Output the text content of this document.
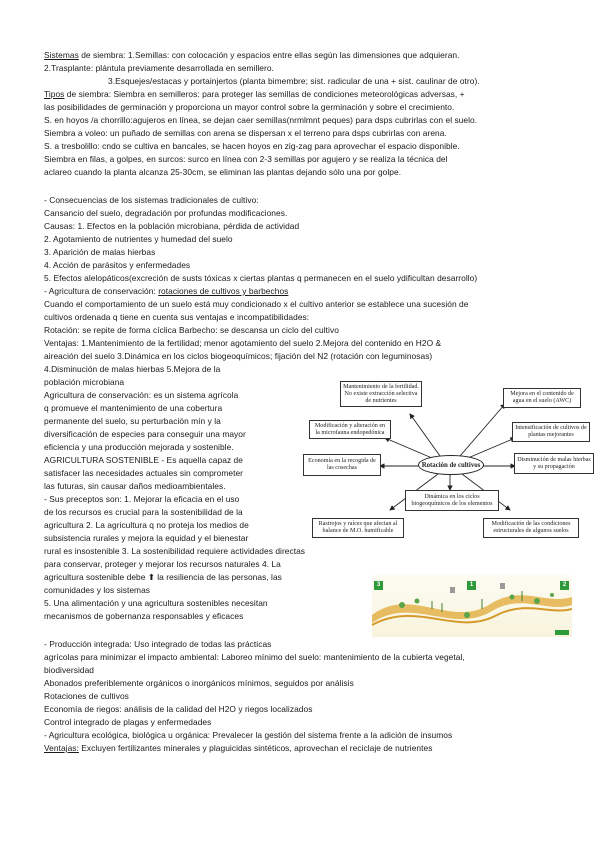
Sistemas de siembra: 1.Semillas: con colocación y espacios entre ellas según las dimensiones que adquieran.
2.Trasplante: plántula previamente desarrollada en semillero.
3.Esquejes/estacas y portainjertos (planta bimembre; sist. radicular de una + sist. caulinar de otro).
Tipos de siembra: Siembra en semilleros: para proteger las semillas de condiciones meteorológicas adversas, +
las posibilidades de germinación y proporciona un mayor control sobre la germinación y sobre el crecimiento.
S. en hoyos /a chorrillo:agujeros en línea, se dejan caer semillas(nrmlmnt peques) para dsps cubrirlas con el suelo.
Siembra a voleo: un puñado de semillas con arena se dispersan x el terreno para dsps cubrirlas con arena.
S. a tresbolillo: cndo se cultiva en bancales, se hacen hoyos en zig-zag para aprovechar el espacio disponible.
Siembra en filas, a golpes, en surcos: surco en línea con 2-3 semillas por agujero y se realiza la técnica del
aclareo cuando la planta alcanza 25-30cm, se eliminan las plantas dejando sólo una por golpe.
- Consecuencias de los sistemas tradicionales de cultivo:
Cansancio del suelo, degradación por profundas modificaciones.
Causas: 1. Efectos en la población microbiana, pérdida de actividad
2. Agotamiento de nutrientes y humedad del suelo
3. Aparición de malas hierbas
4. Acción de parásitos y enfermedades
5. Efectos alelopáticos(excreción de susts tóxicas x ciertas plantas q permanecen en el suelo ydificultan desarrollo)
- Agricultura de conservación: rotaciones de cultivos y barbechos
Cuando el comportamiento de un suelo está muy condicionado x el cultivo anterior se establece una sucesión de
cultivos ordenada q tiene en cuenta sus ventajas e incompatibilidades:
Rotación: se repite de forma cíclica Barbecho: se descansa un ciclo del cultivo
Ventajas: 1.Mantenimiento de la fertilidad; menor agotamiento del suelo 2.Mejora del contenido en H2O &
aireación del suelo 3.Dinámica en los ciclos biogeoquímicos; fijación del N2 (rotación con leguminosas)
4.Disminución de malas hierbas 5.Mejora de la
población microbiana
Agricultura de conservación: es un sistema agrícola
q promueve el mantenimiento de una cobertura
permanente del suelo, su perturbación mín y la
diversificación de especies para conseguir una mayor
eficiencia y una producción mejorada y sostenible.
AGRICULTURA SOSTENIBLE - Es aquella capaz de
satisfacer las necesidades actuales sin comprometer
las futuras, sin causar daños medioambientales.
- Sus preceptos son: 1. Mejorar la eficacia en el uso
de los recursos es crucial para la sostenibilidad de la
agricultura 2. La agricultura q no proteja los medios de
subsistencia rurales y mejora la equidad y el bienestar
rural es insostenible 3. La sostenibilidad requiere actividades directas
para conservar, proteger y mejorar los recursos naturales 4. La
agricultura sostenible debe ⬆ la resiliencia de las personas, las
comunidades y los sistemas
5. Una alimentación y una agricultura sostenibles necesitan
mecanismos de gobernanza responsables y eficaces
- Producción integrada: Uso integrado de todas las prácticas
agrícolas para minimizar el impacto ambiental: Laboreo mínimo del suelo: mantenimiento de la cubierta vegetal,
biodiversidad
Abonados preferiblemente orgánicos o inorgánicos mínimos, seguidos por análisis
Rotaciones de cultivos
Economía de riegos: análisis de la calidad del H2O y riegos localizados
Control integrado de plagas y enfermedades
- Agricultura ecológica, biológica u orgánica: Prevalecer la gestión del sistema frente a la adición de insumos
Ventajas: Excluyen fertilizantes minerales y plaguicidas sintéticos, aprovechan el reciclaje de nutrientes
Mantenimiento de la fertilidad. No existe extracción selectiva de nutrientes
Mejora en el contenido de agua en el suelo (AWC)
Modificación y alteración en la microfauna endopedónica
Intensificación de cultivos de plantas mejorantes
Economía en la recogida de las cosechas	Rotación de cultivos
Disminución de malas hierbas y su propagación
Dinámica en los ciclos biogeoquímicos de los elementos
Rastrojos y raíces que afectan al balance de M.O. humificable
Modificación de las condiciones estructurales de algunos suelos
3	1	2
